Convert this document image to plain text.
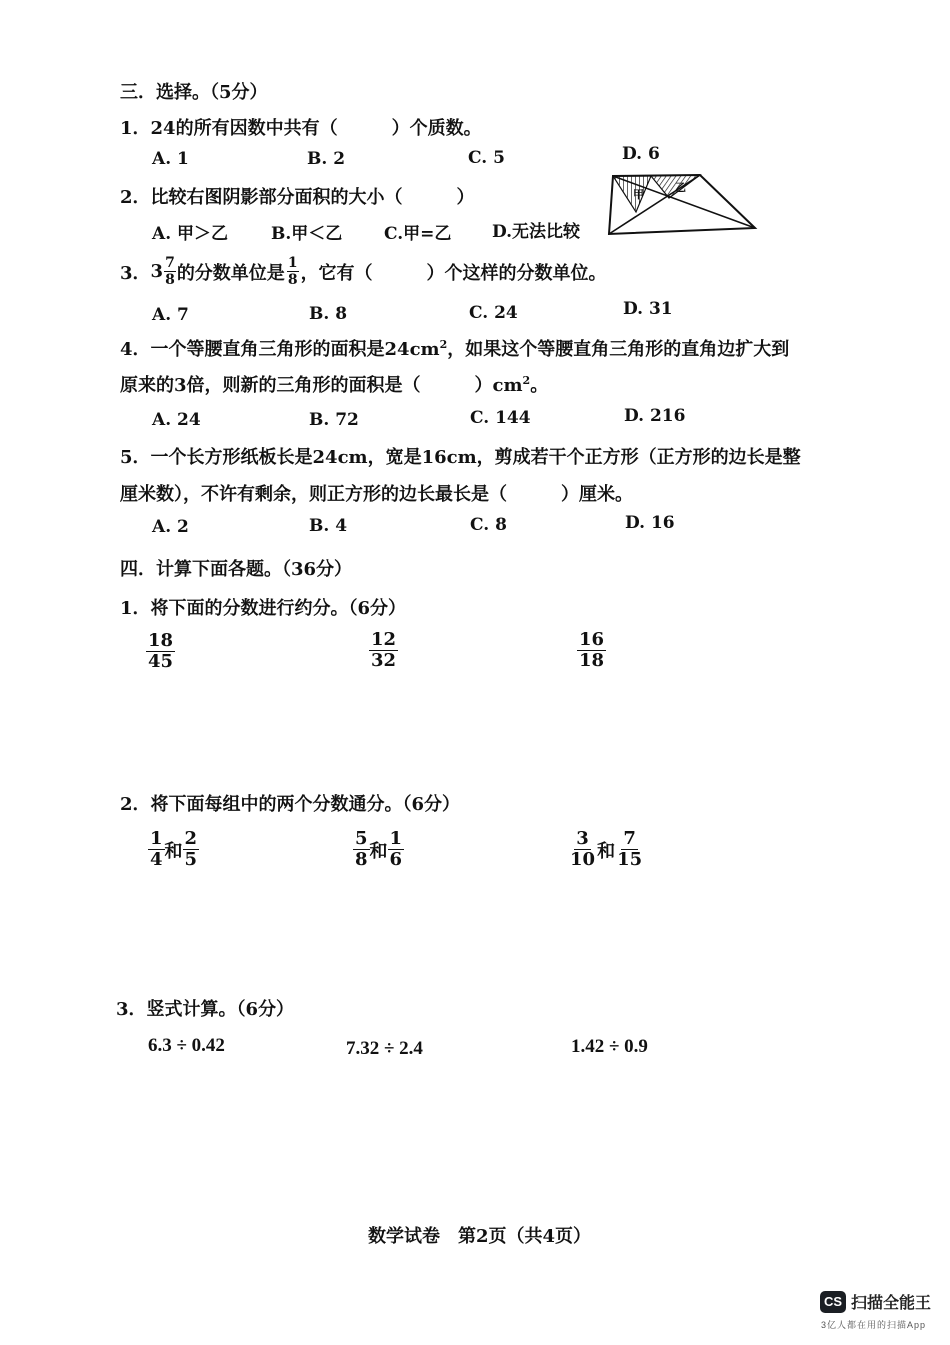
三．选择。（5分）
1．24的所有因数中共有（　　　）个质数。
A. 1	B. 2	C. 5	D. 6
2．比较右图阴影部分面积的大小（　　　）
A. 甲＞乙	B.甲＜乙 C.甲=乙 D.无法比较
甲
乙
3． $3 \frac{7}{8}$ 的分数单位是 $\frac{1}{8}$ ，它有（　　　）个这样的分数单位。
A. 7	B. 8	C. 24	D. 31
4．一个等腰直角三角形的面积是$24cm^2$，如果这个等腰直角三角形的直角边扩大到
原来的3倍，则新的三角形的面积是（　　　）$cm^2$。
A. 24	B. 72	C. 144	D. 216
5．一个长方形纸板长是24cm，宽是16cm，剪成若干个正方形（正方形的边长是整
厘米数），不许有剩余，则正方形的边长最长是（　　　）厘米。
A. 2	B. 4	C. 8	D. 16
四．计算下面各题。（36分）
1．将下面的分数进行约分。（6分）
$\frac{18}{45}$	$\frac{12}{32}$	$\frac{16}{18}$
2．将下面每组中的两个分数通分。（6分）
$\frac{1}{4}$ 和 $\frac{2}{5}$	$\frac{5}{8}$ 和 $\frac{1}{6}$	$\frac{3}{10}$ 和 $\frac{7}{15}$
3．竖式计算。（6分）
6.3 ÷ 0.42	7.32 ÷ 2.4	1.42 ÷ 0.9
数学试卷　第2页（共4页）
CS 扫描全能王
3亿人都在用的扫描App
